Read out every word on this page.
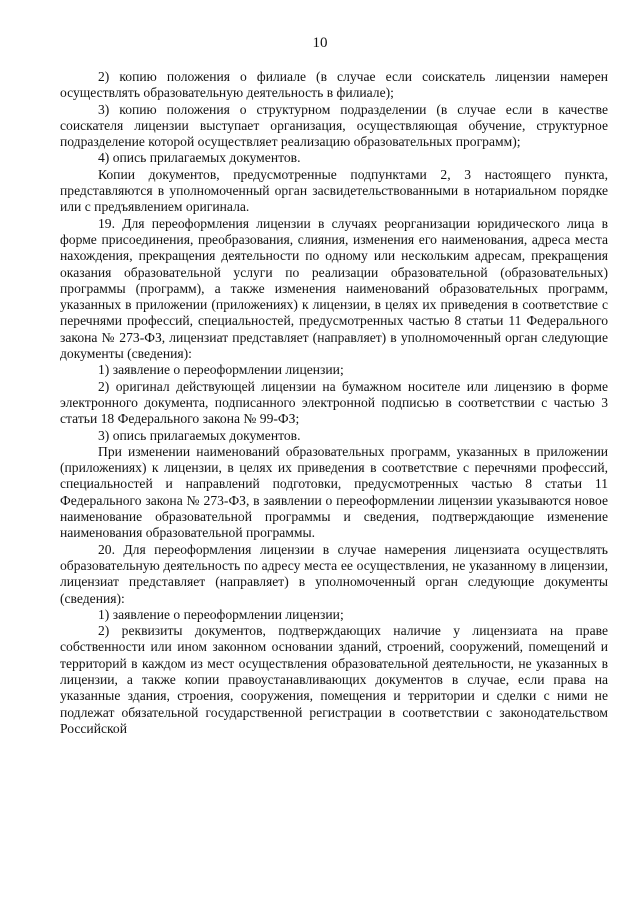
10

2) копию положения о филиале (в случае если соискатель лицензии намерен осуществлять образовательную деятельность в филиале);

3) копию положения о структурном подразделении (в случае если в качестве соискателя лицензии выступает организация, осуществляющая обучение, структурное подразделение которой осуществляет реализацию образовательных программ);

4) опись прилагаемых документов.

Копии документов, предусмотренные подпунктами 2, 3 настоящего пункта, представляются в уполномоченный орган засвидетельствованными в нотариальном порядке или с предъявлением оригинала.

19. Для переоформления лицензии в случаях реорганизации юридического лица в форме присоединения, преобразования, слияния, изменения его наименования, адреса места нахождения, прекращения деятельности по одному или нескольким адресам, прекращения оказания образовательной услуги по реализации образовательной (образовательных) программы (программ), а также изменения наименований образовательных программ, указанных в приложении (приложениях) к лицензии, в целях их приведения в соответствие с перечнями профессий, специальностей, предусмотренных частью 8 статьи 11 Федерального закона № 273-ФЗ, лицензиат представляет (направляет) в уполномоченный орган следующие документы (сведения):

1) заявление о переоформлении лицензии;

2) оригинал действующей лицензии на бумажном носителе или лицензию в форме электронного документа, подписанного электронной подписью в соответствии с частью 3 статьи 18 Федерального закона № 99-ФЗ;

3) опись прилагаемых документов.

При изменении наименований образовательных программ, указанных в приложении (приложениях) к лицензии, в целях их приведения в соответствие с перечнями профессий, специальностей и направлений подготовки, предусмотренных частью 8 статьи 11 Федерального закона № 273-ФЗ, в заявлении о переоформлении лицензии указываются новое наименование образовательной программы и сведения, подтверждающие изменение наименования образовательной программы.

20. Для переоформления лицензии в случае намерения лицензиата осуществлять образовательную деятельность по адресу места ее осуществления, не указанному в лицензии, лицензиат представляет (направляет) в уполномоченный орган следующие документы (сведения):

1) заявление о переоформлении лицензии;

2) реквизиты документов, подтверждающих наличие у лицензиата на праве собственности или ином законном основании зданий, строений, сооружений, помещений и территорий в каждом из мест осуществления образовательной деятельности, не указанных в лицензии, а также копии правоустанавливающих документов в случае, если права на указанные здания, строения, сооружения, помещения и территории и сделки с ними не подлежат обязательной государственной регистрации в соответствии с законодательством Российской
